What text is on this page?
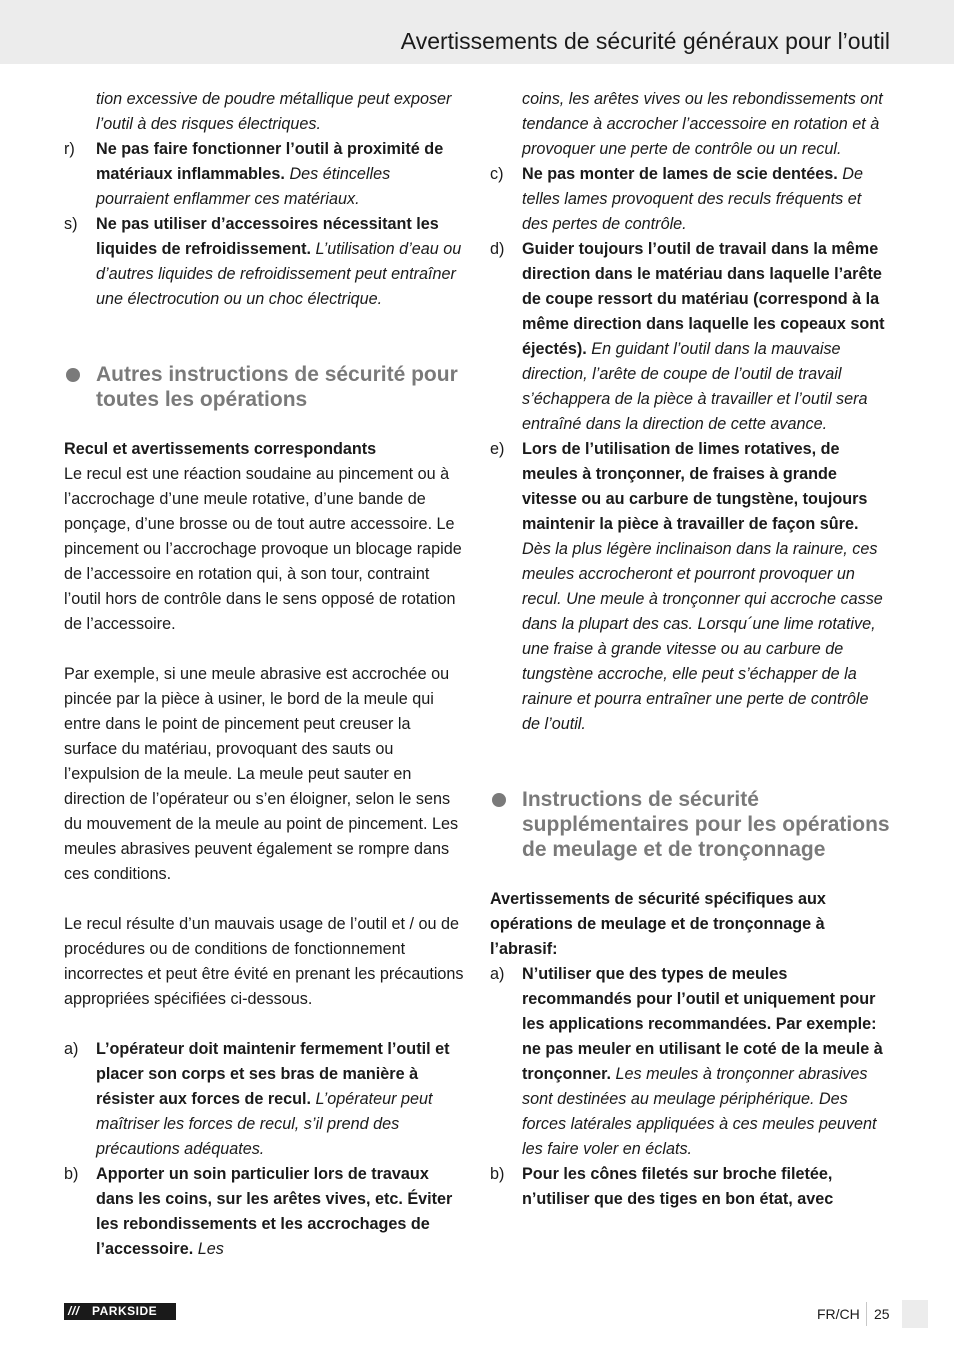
Avertissements de sécurité généraux pour l’outil
tion excessive de poudre métallique peut exposer l’outil à des risques électriques.
r) Ne pas faire fonctionner l’outil à proximité de matériaux inflammables. Des étincelles pourraient enflammer ces matériaux.
s) Ne pas utiliser d’accessoires nécessitant les liquides de refroidissement. L’utilisation d’eau ou d’autres liquides de refroidissement peut entraîner une électrocution ou un choc électrique.
Autres instructions de sécurité pour toutes les opérations
Recul et avertissements correspondants

Le recul est une réaction soudaine au pincement ou à l’accrochage d’une meule rotative, d’une bande de ponçage, d’une brosse ou de tout autre accessoire. Le pincement ou l’accrochage provoque un blocage rapide de l’accessoire en rotation qui, à son tour, contraint l’outil hors de contrôle dans le sens opposé de rotation de l’accessoire.

Par exemple, si une meule abrasive est accrochée ou pincée par la pièce à usiner, le bord de la meule qui entre dans le point de pincement peut creuser la surface du matériau, provoquant des sauts ou l’expulsion de la meule. La meule peut sauter en direction de l’opérateur ou s’en éloigner, selon le sens du mouvement de la meule au point de pincement. Les meules abrasives peuvent également se rompre dans ces conditions.

Le recul résulte d’un mauvais usage de l’outil et / ou de procédures ou de conditions de fonctionnement incorrectes et peut être évité en prenant les précautions appropriées spécifiées ci-dessous.

a) L’opérateur doit maintenir fermement l’outil et placer son corps et ses bras de manière à résister aux forces de recul. L’opérateur peut maîtriser les forces de recul, s’il prend des précautions adéquates.
b) Apporter un soin particulier lors de travaux dans les coins, sur les arêtes vives, etc. Éviter les rebondissements et les accrochages de l’accessoire. Les
coins, les arêtes vives ou les rebondissements ont tendance à accrocher l’accessoire en rotation et à provoquer une perte de contrôle ou un recul.
c) Ne pas monter de lames de scie dentées. De telles lames provoquent des reculs fréquents et des pertes de contrôle.
d) Guider toujours l’outil de travail dans la même direction dans le matériau dans laquelle l’arête de coupe ressort du matériau (correspond à la même direction dans laquelle les copeaux sont éjectés). En guidant l’outil dans la mauvaise direction, l’arête de coupe de l’outil de travail s’échappera de la pièce à travailler et l’outil sera entraîné dans la direction de cette avance.
e) Lors de l’utilisation de limes rotatives, de meules à tronçonner, de fraises à grande vitesse ou au carbure de tungstène, toujours maintenir la pièce à travailler de façon sûre. Dès la plus légère inclinaison dans la rainure, ces meules accrocheront et pourront provoquer un recul. Une meule à tronçonner qui accroche casse dans la plupart des cas. Lorsqu´une lime rotative, une fraise à grande vitesse ou au carbure de tungstène accroche, elle peut s’échapper de la rainure et pourra entraîner une perte de contrôle de l’outil.
Instructions de sécurité supplémentaires pour les opérations de meulage et de tronçonnage
Avertissements de sécurité spécifiques aux opérations de meulage et de tronçonnage à l’abrasif:
a) N’utiliser que des types de meules recommandés pour l’outil et uniquement pour les applications recommandées. Par exemple: ne pas meuler en utilisant le coté de la meule à tronçonner. Les meules à tronçonner abrasives sont destinées au meulage périphérique. Des forces latérales appliquées à ces meules peuvent les faire voler en éclats.
b) Pour les cônes filetés sur broche filetée, n’utiliser que des tiges en bon état, avec
/// PARKSIDE	FR/CH 25
